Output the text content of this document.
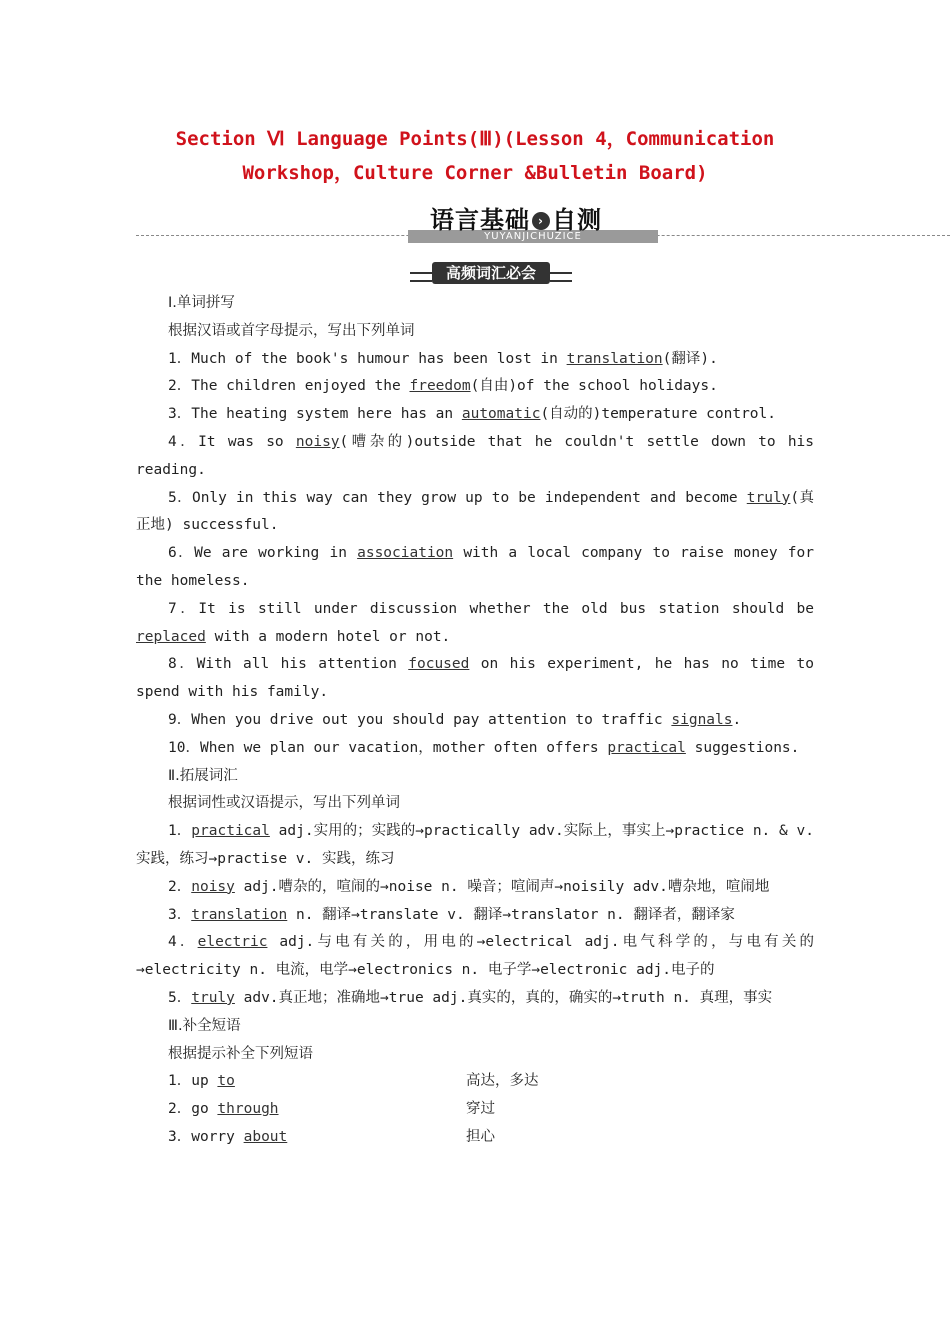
Section Ⅵ Language Points(Ⅲ)(Lesson 4，Communication
Workshop，Culture Corner &Bulletin Board)
YUYANJICHUZICE
语言基础 › 自测
高频词汇必会

Ⅰ.单词拼写

根据汉语或首字母提示，写出下列单词

1．Much of the book's humour has been lost in translation(翻译).

2．The children enjoyed the freedom(自由)of the school holidays.

3．The heating system here has an automatic(自动的)temperature control.

4．It was so noisy(嘈杂的)outside that he couldn't settle down to his reading.

5．Only in this way can they grow up to be independent and become truly(真正地) successful.

6．We are working in association with a local company to raise money for the homeless.

7．It is still under discussion whether the old bus station should be replaced with a modern hotel or not.

8．With all his attention focused on his experiment, he has no time to spend with his family.

9．When you drive out you should pay attention to traffic signals.

10．When we plan our vacation，mother often offers practical suggestions.

Ⅱ.拓展词汇

根据词性或汉语提示，写出下列单词

1．practical adj.实用的；实践的→practically adv.实际上，事实上→practice n. & v. 实践，练习→practise v. 实践，练习

2．noisy adj.嘈杂的，喧闹的→noise n. 噪音；喧闹声→noisily adv.嘈杂地，喧闹地

3．translation n. 翻译→translate v. 翻译→translator n. 翻译者，翻译家

4．electric adj.与电有关的，用电的→electrical adj.电气科学的，与电有关的→electricity n. 电流，电学→electronics n. 电子学→electronic adj.电子的

5．truly adv.真正地；准确地→true adj.真实的，真的，确实的→truth n. 真理，事实

Ⅲ.补全短语

根据提示补全下列短语

1．up to	高达，多达
2．go through	穿过
3．worry about	担心
